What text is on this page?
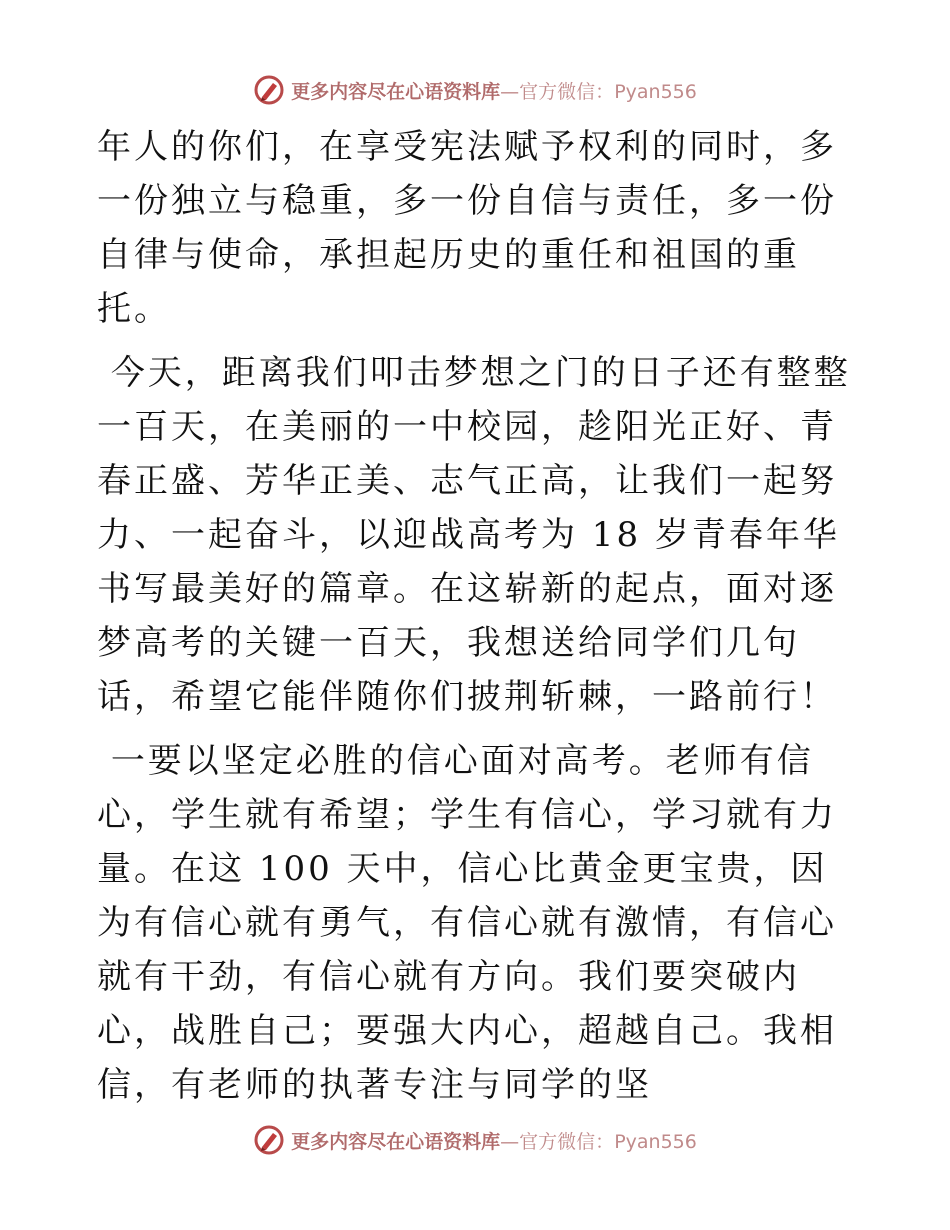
更多内容尽在心语资料库—官方微信：Pyan556

年人的你们，在享受宪法赋予权利的同时，多一份独立与稳重，多一份自信与责任，多一份自律与使命，承担起历史的重任和祖国的重托。

今天，距离我们叩击梦想之门的日子还有整整一百天，在美丽的一中校园，趁阳光正好、青春正盛、芳华正美、志气正高，让我们一起努力、一起奋斗，以迎战高考为 18 岁青春年华书写最美好的篇章。在这崭新的起点，面对逐梦高考的关键一百天，我想送给同学们几句话，希望它能伴随你们披荆斩棘，一路前行！

一要以坚定必胜的信心面对高考。老师有信心，学生就有希望；学生有信心，学习就有力量。在这 100 天中，信心比黄金更宝贵，因为有信心就有勇气，有信心就有激情，有信心就有干劲，有信心就有方向。我们要突破内心，战胜自己；要强大内心，超越自己。我相信，有老师的执著专注与同学的坚

更多内容尽在心语资料库—官方微信：Pyan556
